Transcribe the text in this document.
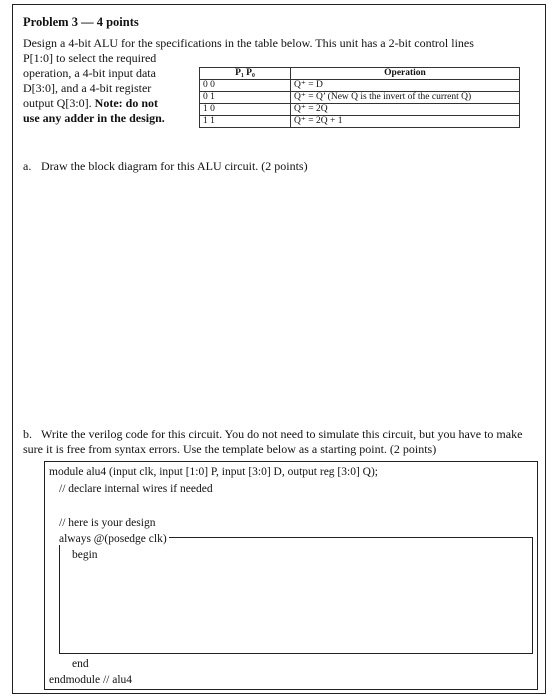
Problem 3 — 4 points
Design a 4-bit ALU for the specifications in the table below. This unit has a 2-bit control lines
P[1:0] to select the required
operation, a 4-bit input data
D[3:0], and a 4-bit register
output Q[3:0]. Note: do not
use any adder in the design.
P₁ P₀	Operation
0 0	Q⁺ = D
0 1	Q⁺ = Q’ (New Q is the invert of the current Q)
1 0	Q⁺ = 2Q
1 1	Q⁺ = 2Q + 1
a. Draw the block diagram for this ALU circuit. (2 points)
b. Write the verilog code for this circuit. You do not need to simulate this circuit, but you have to make sure it is free from syntax errors. Use the template below as a starting point. (2 points)
module alu4 (input clk, input [1:0] P, input [3:0] D, output reg [3:0] Q);
// declare internal wires if needed
// here is your design
always @(posedge clk)
begin
end
endmodule // alu4
